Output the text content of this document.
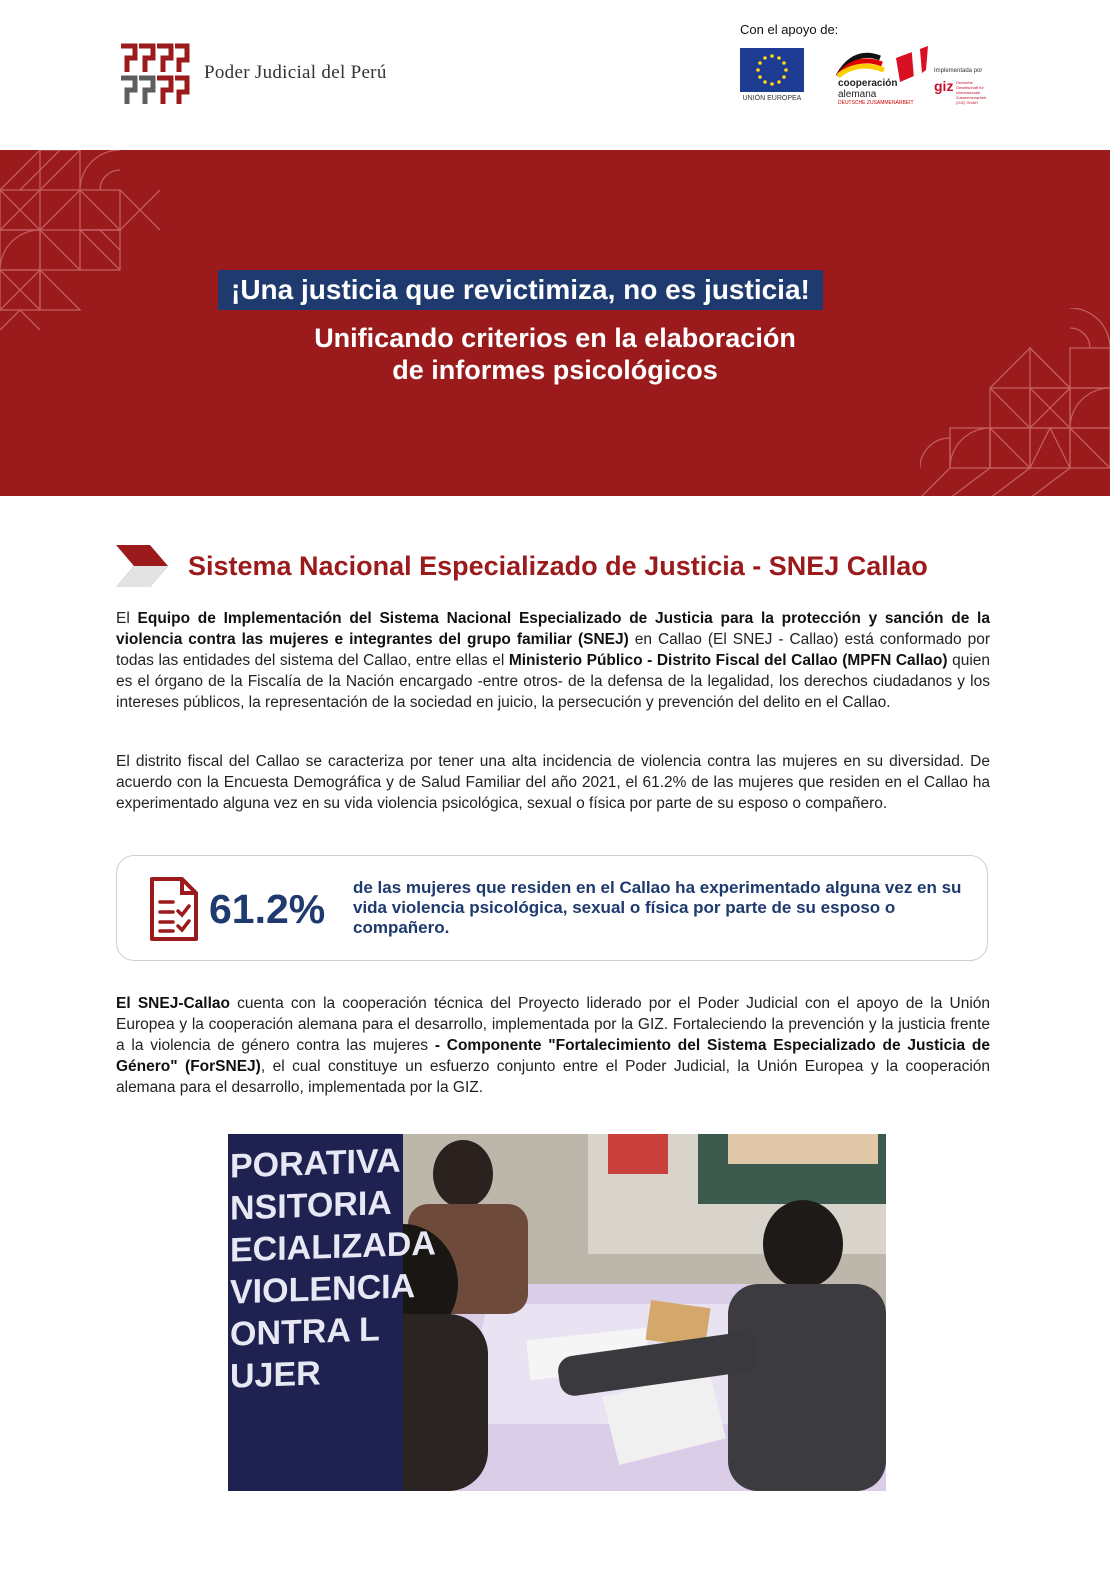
Poder Judicial del Perú
Con el apoyo de:
UNIÓN EUROPEA
cooperación
alemana
DEUTSCHE ZUSAMMENARBEIT
Implementada por
giz Deutsche Gesellschaft für Internationale Zusammenarbeit (GIZ) GmbH
¡Una justicia que revictimiza, no es justicia!
Unificando criterios en la elaboración
de informes psicológicos
Sistema Nacional Especializado de Justicia - SNEJ Callao
El Equipo de Implementación del Sistema Nacional Especializado de Justicia para la protección y sanción de la violencia contra las mujeres e integrantes del grupo familiar (SNEJ) en Callao (El SNEJ - Callao) está conformado por todas las entidades del sistema del Callao, entre ellas el Ministerio Público - Distrito Fiscal del Callao (MPFN Callao) quien es el órgano de la Fiscalía de la Nación encargado -entre otros- de la defensa de la legalidad, los derechos ciudadanos y los intereses públicos, la representación de la sociedad en juicio, la persecución y prevención del delito en el Callao.
El distrito fiscal del Callao se caracteriza por tener una alta incidencia de violencia contra las mujeres en su diversidad. De acuerdo con la Encuesta Demográfica y de Salud Familiar del año 2021, el 61.2% de las mujeres que residen en el Callao ha experimentado alguna vez en su vida violencia psicológica, sexual o física por parte de su esposo o compañero.
61.2% de las mujeres que residen en el Callao ha experimentado alguna vez en su vida violencia psicológica, sexual o física por parte de su esposo o compañero.
El SNEJ-Callao cuenta con la cooperación técnica del Proyecto liderado por el Poder Judicial con el apoyo de la Unión Europea y la cooperación alemana para el desarrollo, implementada por la GIZ. Fortaleciendo la prevención y la justicia frente a la violencia de género contra las mujeres - Componente "Fortalecimiento del Sistema Especializado de Justicia de Género" (ForSNEJ), el cual constituye un esfuerzo conjunto entre el Poder Judicial, la Unión Europea y la cooperación alemana para el desarrollo, implementada por la GIZ.
PORATIVA
NSITORIA
ECIALIZADA
VIOLENCIA
ONTRA L
UJER
